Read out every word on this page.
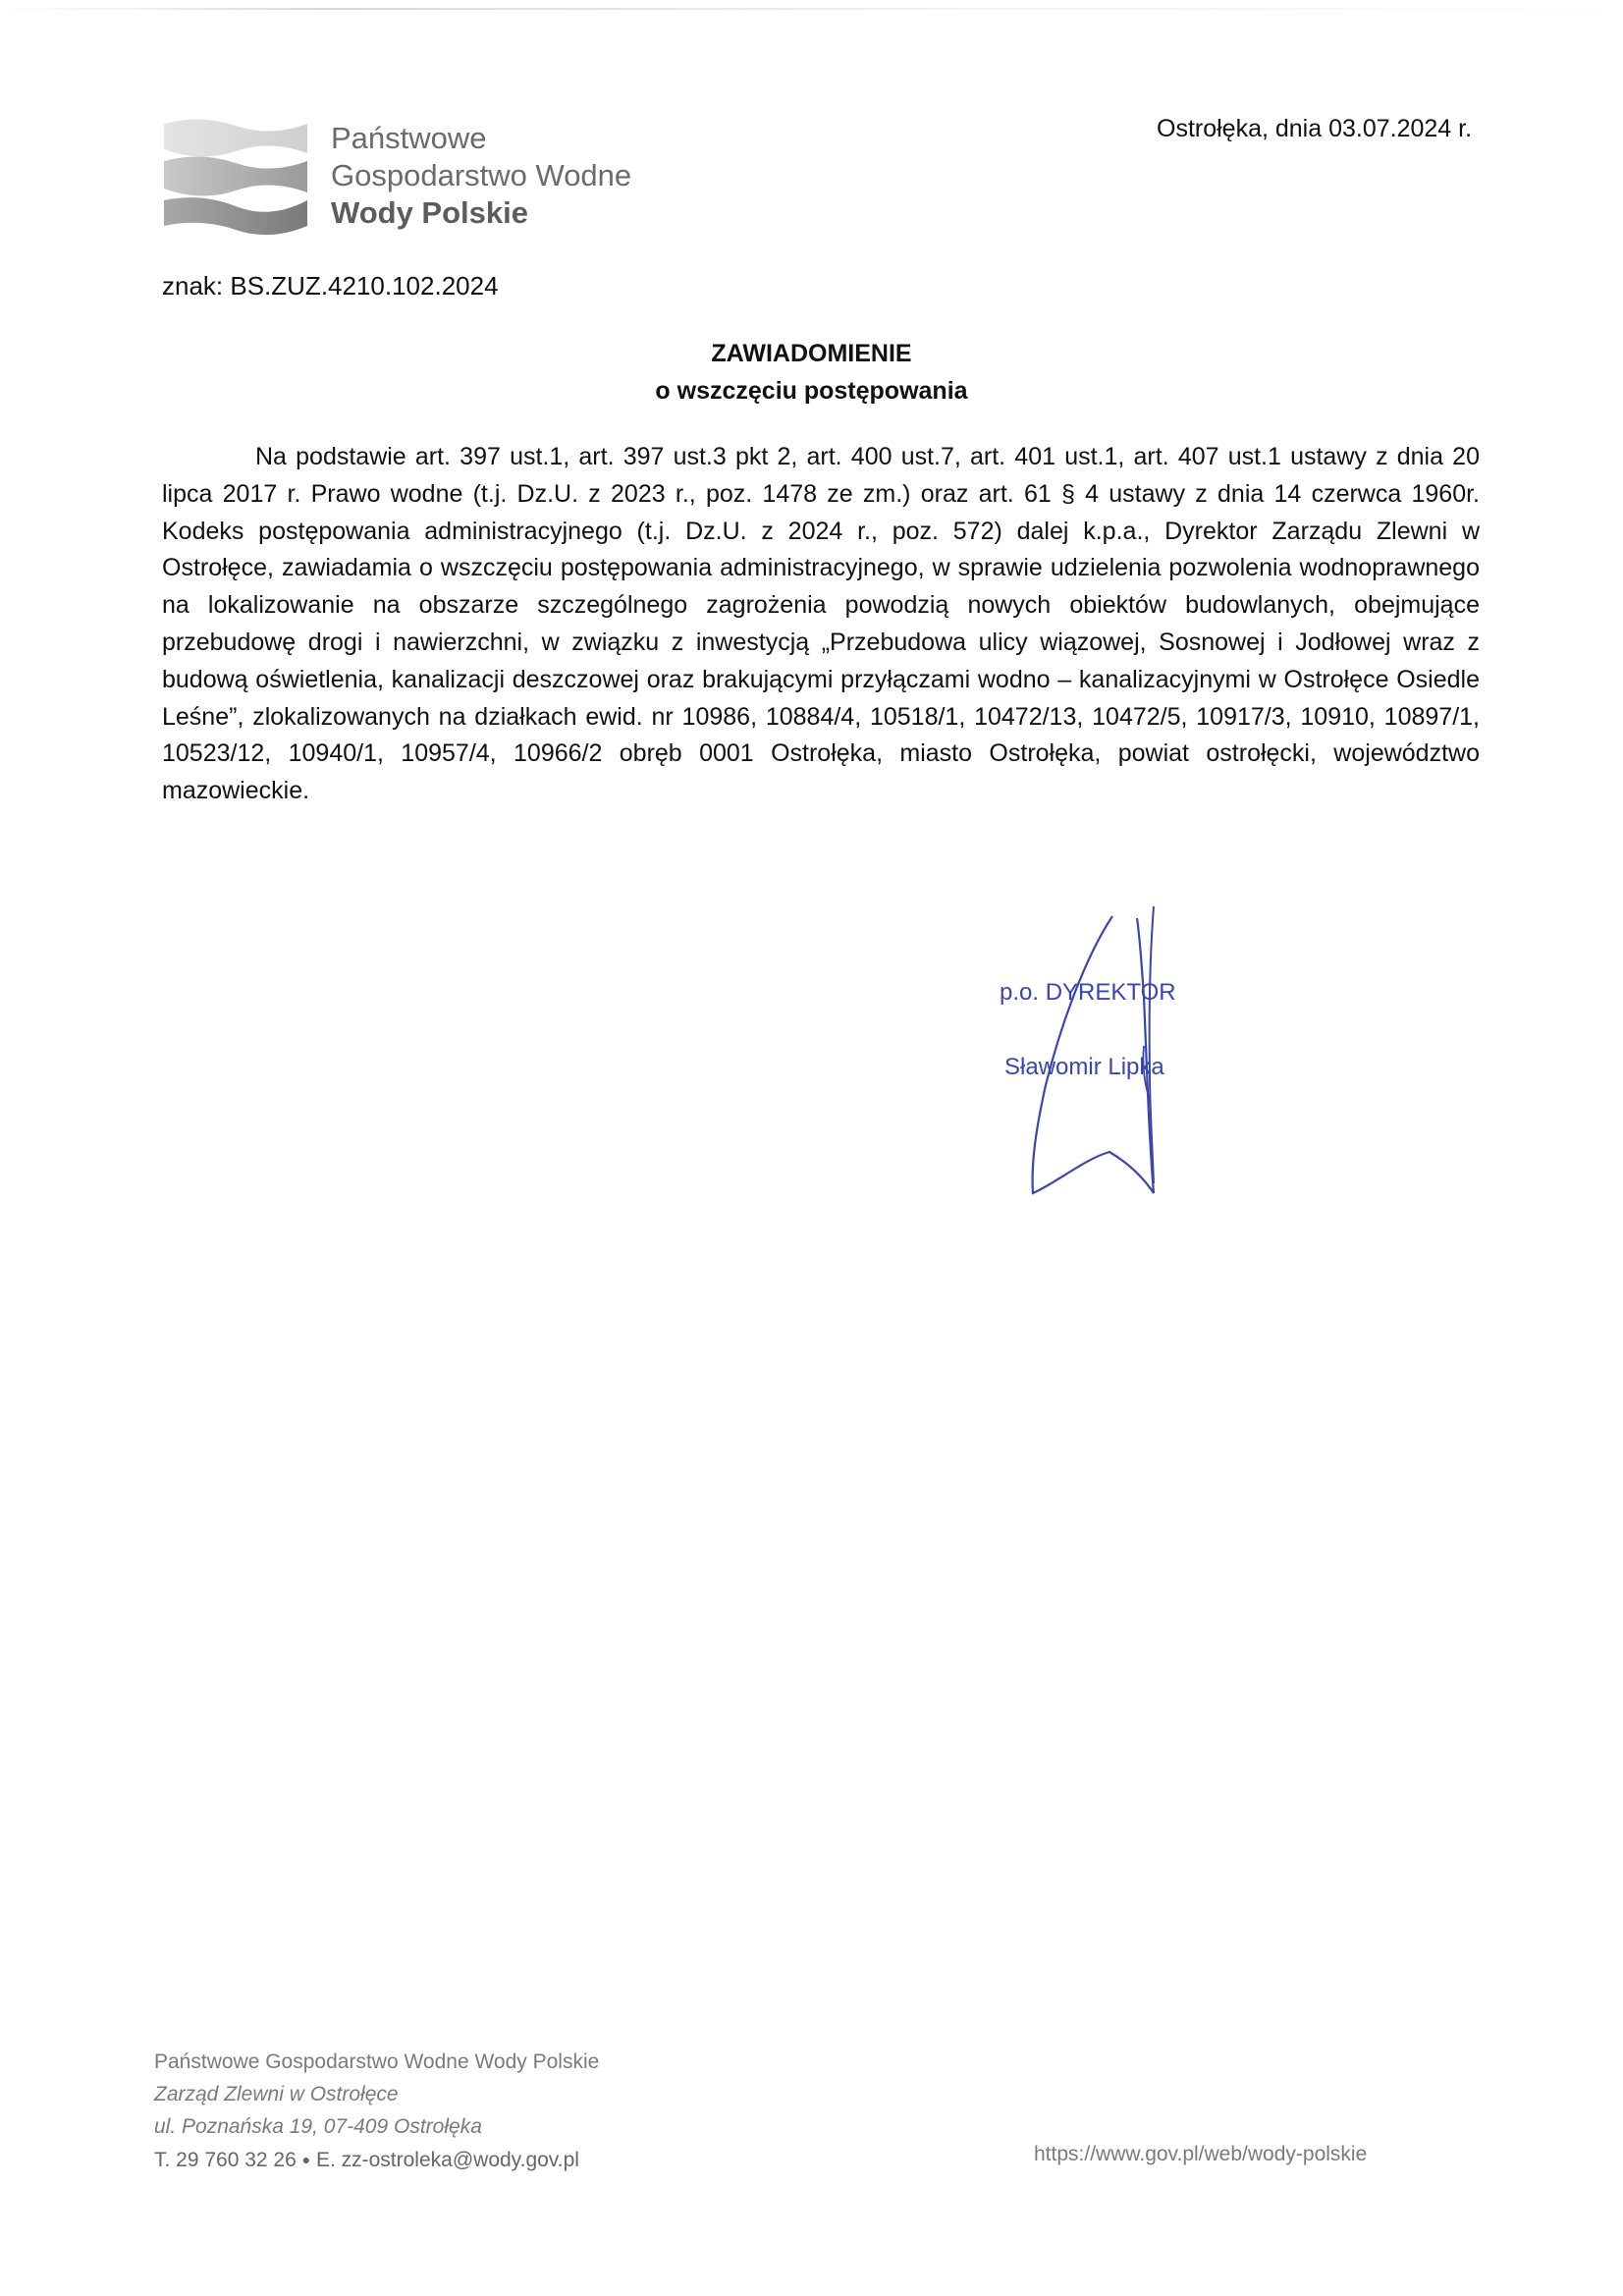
Państwowe
Gospodarstwo Wodne
Wody Polskie
Ostrołęka, dnia 03.07.2024 r.
znak: BS.ZUZ.4210.102.2024
ZAWIADOMIENIE
o wszczęciu postępowania
Na podstawie art. 397 ust.1, art. 397 ust.3 pkt 2, art. 400 ust.7, art. 401 ust.1, art. 407 ust.1 ustawy z dnia 20 lipca 2017 r. Prawo wodne (t.j. Dz.U. z 2023 r., poz. 1478 ze zm.) oraz art. 61 § 4 ustawy z dnia 14 czerwca 1960r. Kodeks postępowania administracyjnego (t.j. Dz.U. z 2024 r., poz. 572) dalej k.p.a., Dyrektor Zarządu Zlewni w Ostrołęce, zawiadamia o wszczęciu postępowania administracyjnego, w sprawie udzielenia pozwolenia wodnoprawnego na lokalizowanie na obszarze szczególnego zagrożenia powodzią nowych obiektów budowlanych, obejmujące przebudowę drogi i nawierzchni, w związku z inwestycją „Przebudowa ulicy wiązowej, Sosnowej i Jodłowej wraz z budową oświetlenia, kanalizacji deszczowej oraz brakującymi przyłączami wodno – kanalizacyjnymi w Ostrołęce Osiedle Leśne”, zlokalizowanych na działkach ewid. nr 10986, 10884/4, 10518/1, 10472/13, 10472/5, 10917/3, 10910, 10897/1, 10523/12, 10940/1, 10957/4, 10966/2 obręb 0001 Ostrołęka, miasto Ostrołęka, powiat ostrołęcki, województwo mazowieckie.
p.o. DYREKTOR
Sławomir Lipka
Państwowe Gospodarstwo Wodne Wody Polskie
Zarząd Zlewni w Ostrołęce
ul. Poznańska 19, 07-409 Ostrołęka
T. 29 760 32 26 ● E. zz-ostroleka@wody.gov.pl	https://www.gov.pl/web/wody-polskie
